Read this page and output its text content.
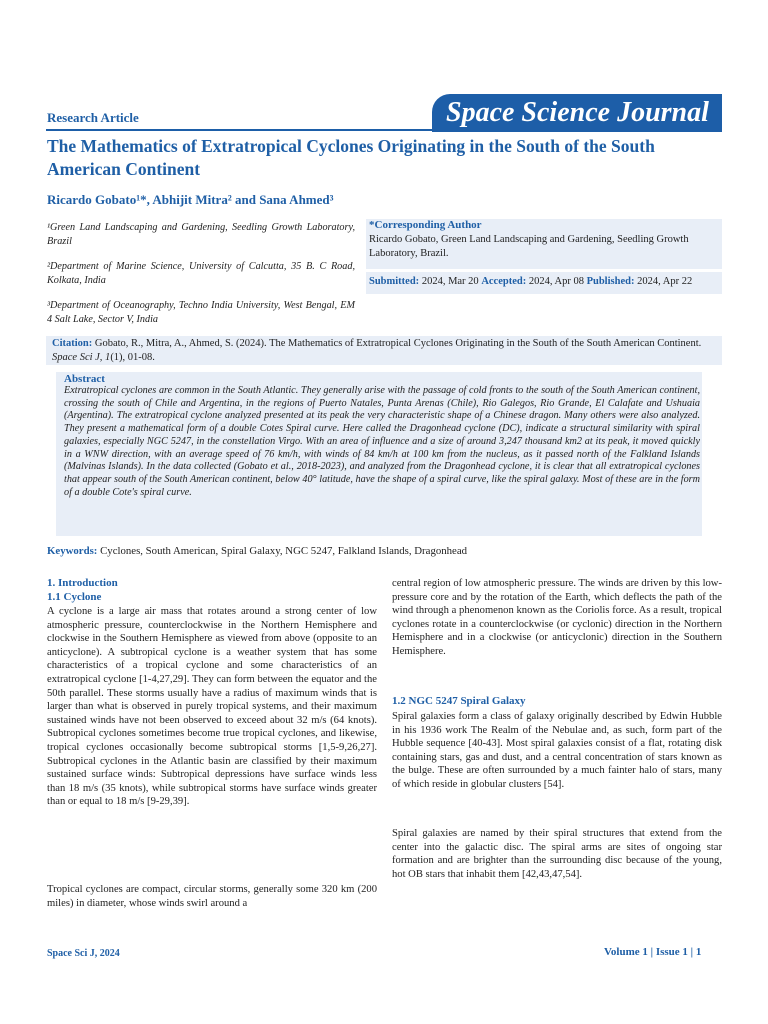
Space Science Journal
Research Article
The Mathematics of Extratropical Cyclones Originating in the South of the South American Continent
Ricardo Gobato¹*, Abhijit Mitra² and Sana Ahmed³
¹Green Land Landscaping and Gardening, Seedling Growth Laboratory, Brazil
²Department of Marine Science, University of Calcutta, 35 B. C Road, Kolkata, India
³Department of Oceanography, Techno India University, West Bengal, EM 4 Salt Lake, Sector V, India
*Corresponding Author
Ricardo Gobato, Green Land Landscaping and Gardening, Seedling Growth Laboratory, Brazil.
Submitted: 2024, Mar 20 Accepted: 2024, Apr 08 Published: 2024, Apr 22
Citation: Gobato, R., Mitra, A., Ahmed, S. (2024). The Mathematics of Extratropical Cyclones Originating in the South of the South American Continent. Space Sci J, 1(1), 01-08.
Abstract
Extratropical cyclones are common in the South Atlantic. They generally arise with the passage of cold fronts to the south of the South American continent, crossing the south of Chile and Argentina, in the regions of Puerto Natales, Punta Arenas (Chile), Rio Galegos, Rio Grande, El Calafate and Ushuaia (Argentina). The extratropical cyclone analyzed presented at its peak the very characteristic shape of a Chinese dragon. Many others were also analyzed. They present a mathematical form of a double Cotes Spiral curve. Here called the Dragonhead cyclone (DC), indicate a structural similarity with spiral galaxies, especially NGC 5247, in the constellation Virgo. With an area of influence and a size of around 3,247 thousand km2 at its peak, it moved quickly in a WNW direction, with an average speed of 76 km/h, with winds of 84 km/h at 100 km from the nucleus, as it passed north of the Falkland Islands (Malvinas Islands). In the data collected (Gobato et al., 2018-2023), and analyzed from the Dragonhead cyclone, it is clear that all extratropical cyclones that appear south of the South American continent, below 40° latitude, have the shape of a spiral curve, like the spiral galaxy. Most of these are in the form of a double Cote's spiral curve.
Keywords: Cyclones, South American, Spiral Galaxy, NGC 5247, Falkland Islands, Dragonhead
1. Introduction
1.1 Cyclone
A cyclone is a large air mass that rotates around a strong center of low atmospheric pressure, counterclockwise in the Northern Hemisphere and clockwise in the Southern Hemisphere as viewed from above (opposite to an anticyclone). A subtropical cyclone is a weather system that has some characteristics of a tropical cyclone and some characteristics of an extratropical cyclone [1-4,27,29]. They can form between the equator and the 50th parallel. These storms usually have a radius of maximum winds that is larger than what is observed in purely tropical systems, and their maximum sustained winds have not been observed to exceed about 32 m/s (64 knots). Subtropical cyclones sometimes become true tropical cyclones, and likewise, tropical cyclones occasionally become subtropical storms [1,5-9,26,27]. Subtropical cyclones in the Atlantic basin are classified by their maximum sustained surface winds: Subtropical depressions have surface winds less than 18 m/s (35 knots), while subtropical storms have surface winds greater than or equal to 18 m/s [9-29,39].
Tropical cyclones are compact, circular storms, generally some 320 km (200 miles) in diameter, whose winds swirl around a
central region of low atmospheric pressure. The winds are driven by this low-pressure core and by the rotation of the Earth, which deflects the path of the wind through a phenomenon known as the Coriolis force. As a result, tropical cyclones rotate in a counterclockwise (or cyclonic) direction in the Northern Hemisphere and in a clockwise (or anticyclonic) direction in the Southern Hemisphere.
1.2 NGC 5247 Spiral Galaxy
Spiral galaxies form a class of galaxy originally described by Edwin Hubble in his 1936 work The Realm of the Nebulae and, as such, form part of the Hubble sequence [40-43]. Most spiral galaxies consist of a flat, rotating disk containing stars, gas and dust, and a central concentration of stars known as the bulge. These are often surrounded by a much fainter halo of stars, many of which reside in globular clusters [54].
Spiral galaxies are named by their spiral structures that extend from the center into the galactic disc. The spiral arms are sites of ongoing star formation and are brighter than the surrounding disc because of the young, hot OB stars that inhabit them [42,43,47,54].
Space Sci J, 2024	Volume 1 | Issue 1 | 1
